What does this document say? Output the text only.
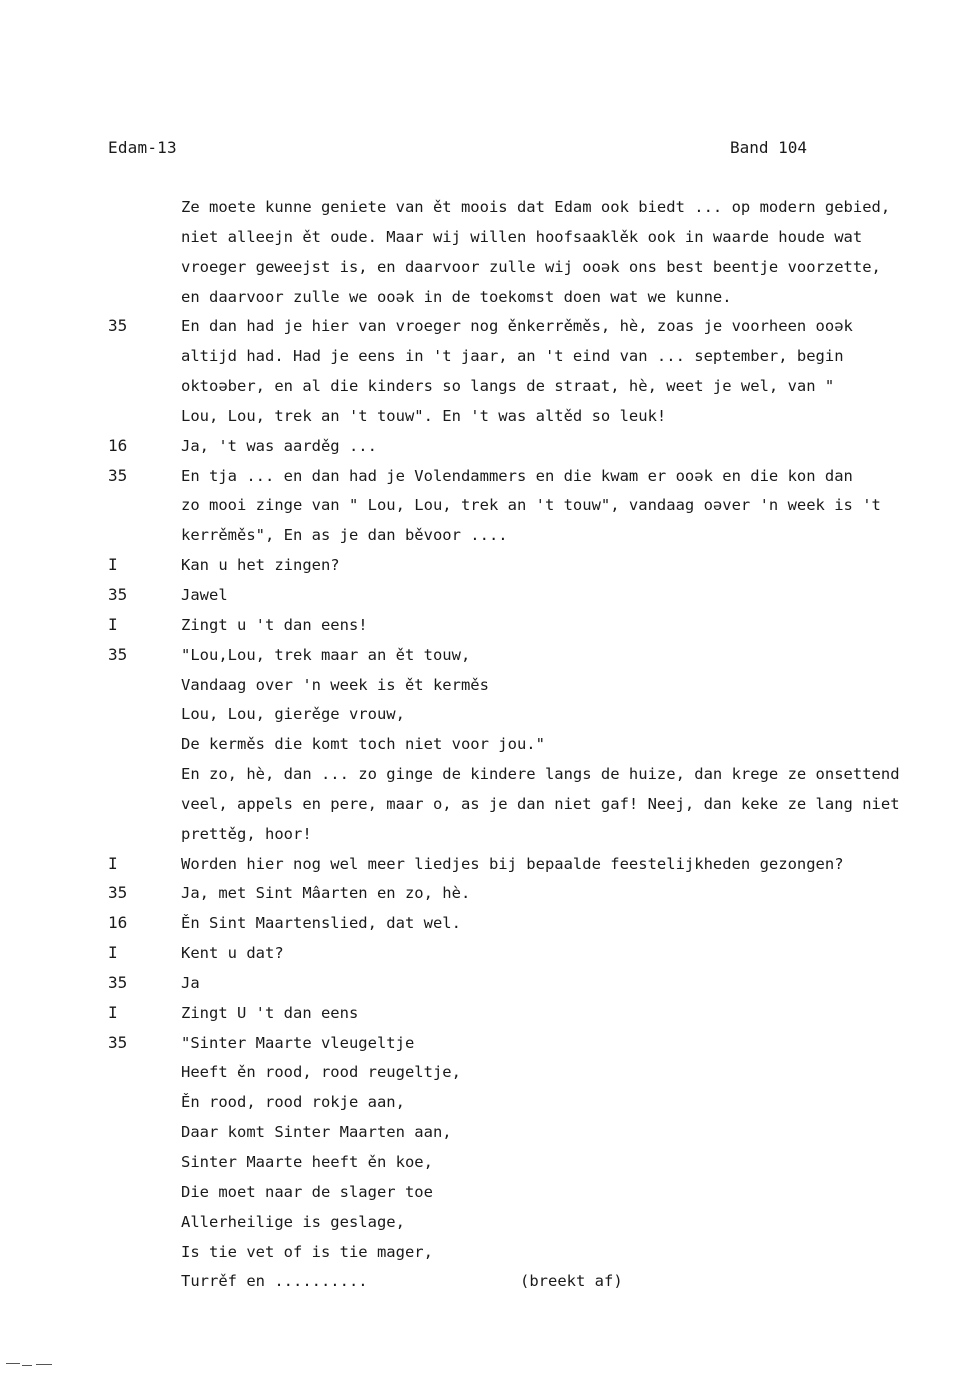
Edam-13	Band 104
Ze moete kunne geniete van ět moois dat Edam ook biedt ... op modern gebied,
niet alleejn ět oude. Maar wij willen hoofsaaklěk ook in waarde houde wat
vroeger geweejst is, en daarvoor zulle wij ooək ons best beentje voorzette,
en daarvoor zulle we ooək in de toekomst doen wat we kunne.
35	En dan had je hier van vroeger nog ěnkerrěměs, hè, zoas je voorheen ooək
altijd had. Had je eens in 't jaar, an 't eind van ... september, begin
oktoəber, en al die kinders so langs de straat, hè, weet je wel, van "
Lou, Lou, trek an 't touw". En 't was altěd so leuk!
16	Ja, 't was aarděg ...
35	En tja ... en dan had je Volendammers en die kwam er ooək en die kon dan
zo mooi zinge van " Lou, Lou, trek an 't touw", vandaag oəver 'n week is 't
kerrěměs", En as je dan běvoor ....
I	Kan u het zingen?
35	Jawel
I	Zingt u 't dan eens!
35	"Lou,Lou, trek maar an ět touw,
Vandaag over 'n week is ět kerměs
Lou, Lou, gierěge vrouw,
De kerměs die komt toch niet voor jou."
En zo, hè, dan ... zo ginge de kindere langs de huize, dan krege ze onsettend
veel, appels en pere, maar o, as je dan niet gaf! Neej, dan keke ze lang niet
prettěg, hoor!
I	Worden hier nog wel meer liedjes bij bepaalde feestelijkheden gezongen?
35	Ja, met Sint Mâarten en zo, hè.
16	Ěn Sint Maartenslied, dat wel.
I	Kent u dat?
35	Ja
I	Zingt U 't dan eens
35	"Sinter Maarte vleugeltje
Heeft ěn rood, rood reugeltje,
Ěn rood, rood rokje aan,
Daar komt Sinter Maarten aan,
Sinter Maarte heeft ěn koe,
Die moet naar de slager toe
Allerheilige is geslage,
Is tie vet of is tie mager,
Turrěf en ..........	(breekt af)
